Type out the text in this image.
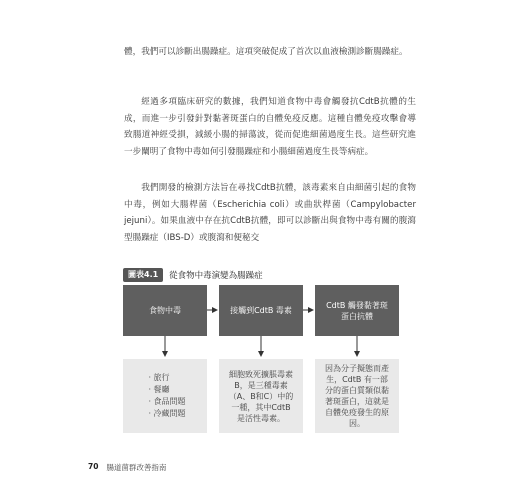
體，我們可以診斷出腸躁症。這項突破促成了首次以血液檢測診斷腸躁症。

經過多項臨床研究的數據，我們知道食物中毒會觸發抗CdtB抗體的生成，而進一步引發針對黏著斑蛋白的自體免疫反應。這種自體免疫攻擊會導致腸道神經受損，減緩小腸的掃蕩波，從而促進細菌過度生長。這些研究進一步闡明了食物中毒如何引發腸躁症和小腸細菌過度生長等病症。

我們開發的檢測方法旨在尋找CdtB抗體，該毒素來自由細菌引起的食物中毒，例如大腸桿菌（Escherichia coli）或曲狀桿菌（Campylobacter jejuni）。如果血液中存在抗CdtB抗體，即可以診斷出與食物中毒有關的腹瀉型腸躁症（IBS-D）或腹瀉和便秘交

圖表4.1	從食物中毒演變為腸躁症
食物中毒	接觸到CdtB 毒素
CdtB 觸發黏著斑蛋白抗體
· 旅行
· 餐廳
· 食品問題
· 冷藏問題
細胞致死擴脹毒素B，是三種毒素（A、B和C）中的一種，其中CdtB 是活性毒素。
因為分子擬態而產生，CdtB 有一部分的蛋白質類似黏著斑蛋白，這就是自體免疫發生的原因。
70 腸道菌群改善指南
